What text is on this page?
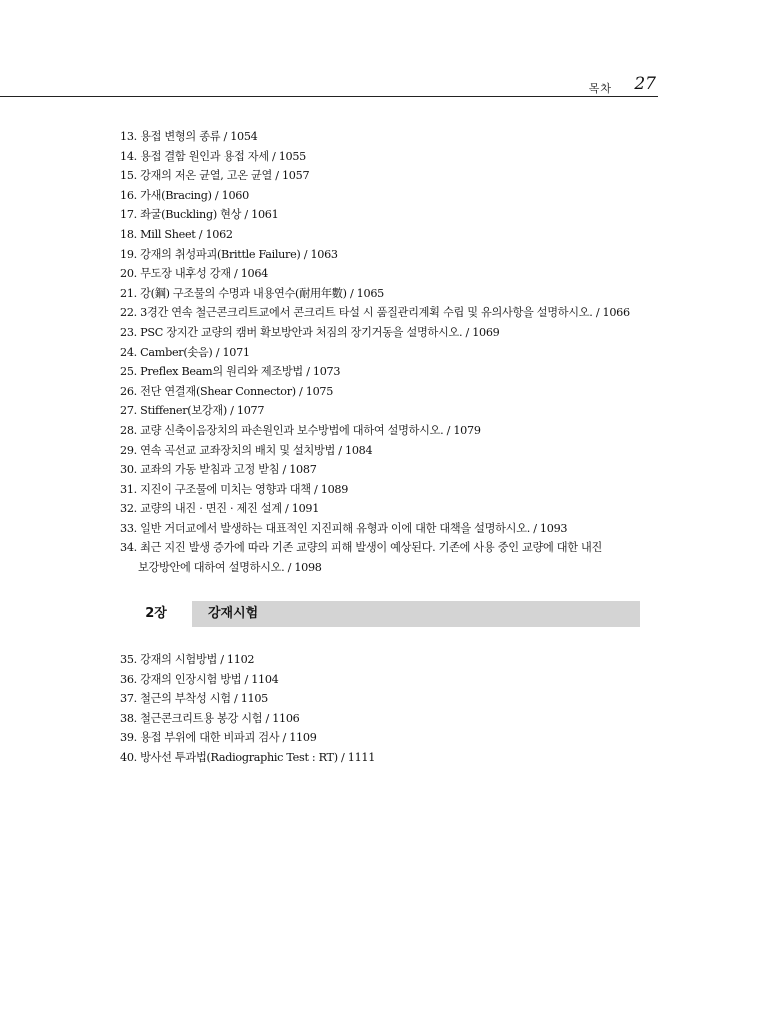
목차 27
13. 용접 변형의 종류 / 1054
14. 용접 결함 원인과 용접 자세 / 1055
15. 강재의 저온 균열, 고온 균열 / 1057
16. 가새(Bracing) / 1060
17. 좌굴(Buckling) 현상 / 1061
18. Mill Sheet / 1062
19. 강재의 취성파괴(Brittle Failure) / 1063
20. 무도장 내후성 강재 / 1064
21. 강(鋼) 구조물의 수명과 내용연수(耐用年數) / 1065
22. 3경간 연속 철근콘크리트교에서 콘크리트 타설 시 품질관리계획 수립 및 유의사항을 설명하시오. / 1066
23. PSC 장지간 교량의 캠버 확보방안과 처짐의 장기거동을 설명하시오. / 1069
24. Camber(솟음) / 1071
25. Preflex Beam의 원리와 제조방법 / 1073
26. 전단 연결재(Shear Connector) / 1075
27. Stiffener(보강재) / 1077
28. 교량 신축이음장치의 파손원인과 보수방법에 대하여 설명하시오. / 1079
29. 연속 곡선교 교좌장치의 배치 및 설치방법 / 1084
30. 교좌의 가동 받침과 고정 받침 / 1087
31. 지진이 구조물에 미치는 영향과 대책 / 1089
32. 교량의 내진 · 면진 · 제진 설계 / 1091
33. 일반 거더교에서 발생하는 대표적인 지진피해 유형과 이에 대한 대책을 설명하시오. / 1093
34. 최근 지진 발생 증가에 따라 기존 교량의 피해 발생이 예상된다. 기존에 사용 중인 교량에 대한 내진
보강방안에 대하여 설명하시오. / 1098
2장	강재시험
35. 강재의 시험방법 / 1102
36. 강재의 인장시험 방법 / 1104
37. 철근의 부착성 시험 / 1105
38. 철근콘크리트용 봉강 시험 / 1106
39. 용접 부위에 대한 비파괴 검사 / 1109
40. 방사선 투과법(Radiographic Test : RT) / 1111
